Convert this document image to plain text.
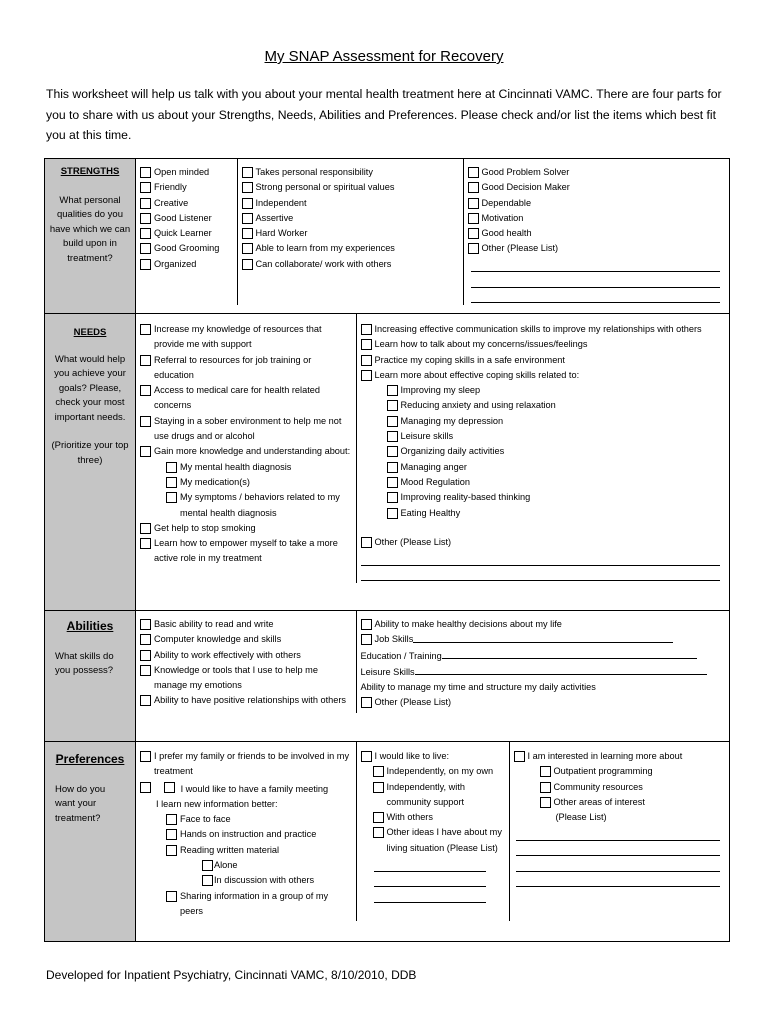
My SNAP Assessment for Recovery
This worksheet will help us talk with you about your mental health treatment here at Cincinnati VAMC. There are four parts for you to share with us about your Strengths, Needs, Abilities and Preferences. Please check and/or list the items which best fit you at this time.
STRENGTHS
What personal qualities do you have which we can build upon in treatment?

Open minded
Friendly
Creative
Good Listener
Quick Learner
Good Grooming
Organized

Takes personal responsibility
Strong personal or spiritual values
Independent
Assertive
Hard Worker
Able to learn from my experiences
Can collaborate/ work with others

Good Problem Solver
Good Decision Maker
Dependable
Motivation
Good health
Other (Please List)

NEEDS
What would help you achieve your goals? Please, check your most important needs.
(Prioritize your top three)

Increase my knowledge of resources that provide me with support
Referral to resources for job training or education
Access to medical care for health related concerns
Staying in a sober environment to help me not use drugs and or alcohol
Gain more knowledge and understanding about:
My mental health diagnosis
My medication(s)
My symptoms / behaviors related to my mental health diagnosis
Get help to stop smoking
Learn how to empower myself to take a more active role in my treatment

Increasing effective communication skills to improve my relationships with others
Learn how to talk about my concerns/issues/feelings
Practice my coping skills in a safe environment
Learn more about effective coping skills related to:
Improving my sleep
Reducing anxiety and using relaxation
Managing my depression
Leisure skills
Organizing daily activities
Managing anger
Mood Regulation
Improving reality-based thinking
Eating Healthy
Other (Please List)

Abilities
What skills do you possess?

Basic ability to read and write
Computer knowledge and skills
Ability to work effectively with others
Knowledge or tools that I use to help me manage my emotions
Ability to have positive relationships with others

Ability to make healthy decisions about my life
Job Skills
Education / Training
Leisure Skills
Ability to manage my time and structure my daily activities
Other (Please List)

Preferences
How do you want your treatment?

I prefer my family or friends to be involved in my treatment
I would like to have a family meeting
I learn new information better:
Face to face
Hands on instruction and practice
Reading written material
Alone
In discussion with others
Sharing information in a group of my peers

I would like to live:
Independently, on my own
Independently, with community support
With others
Other ideas I have about my living situation (Please List)

I am interested in learning more about
Outpatient programming
Community resources
Other areas of interest
(Please List)
Developed for Inpatient Psychiatry, Cincinnati VAMC, 8/10/2010, DDB
